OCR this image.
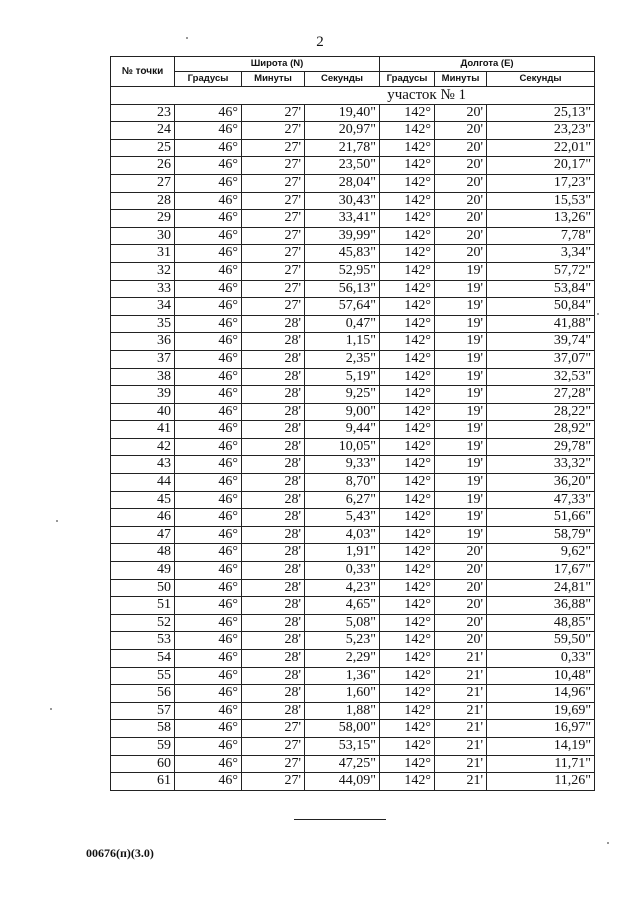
2
№ точки	Широта (N)			Долгота (E)		
	Градусы	Минуты	Секунды	Градусы	Минуты	Секунды
участок № 1						
23	46°	27'	19,40"	142°	20'	25,13"
24	46°	27'	20,97"	142°	20'	23,23"
25	46°	27'	21,78"	142°	20'	22,01"
26	46°	27'	23,50"	142°	20'	20,17"
27	46°	27'	28,04"	142°	20'	17,23"
28	46°	27'	30,43"	142°	20'	15,53"
29	46°	27'	33,41"	142°	20'	13,26"
30	46°	27'	39,99"	142°	20'	7,78"
31	46°	27'	45,83"	142°	20'	3,34"
32	46°	27'	52,95"	142°	19'	57,72"
33	46°	27'	56,13"	142°	19'	53,84"
34	46°	27'	57,64"	142°	19'	50,84"
35	46°	28'	0,47"	142°	19'	41,88"
36	46°	28'	1,15"	142°	19'	39,74"
37	46°	28'	2,35"	142°	19'	37,07"
38	46°	28'	5,19"	142°	19'	32,53"
39	46°	28'	9,25"	142°	19'	27,28"
40	46°	28'	9,00"	142°	19'	28,22"
41	46°	28'	9,44"	142°	19'	28,92"
42	46°	28'	10,05"	142°	19'	29,78"
43	46°	28'	9,33"	142°	19'	33,32"
44	46°	28'	8,70"	142°	19'	36,20"
45	46°	28'	6,27"	142°	19'	47,33"
46	46°	28'	5,43"	142°	19'	51,66"
47	46°	28'	4,03"	142°	19'	58,79"
48	46°	28'	1,91"	142°	20'	9,62"
49	46°	28'	0,33"	142°	20'	17,67"
50	46°	28'	4,23"	142°	20'	24,81"
51	46°	28'	4,65"	142°	20'	36,88"
52	46°	28'	5,08"	142°	20'	48,85"
53	46°	28'	5,23"	142°	20'	59,50"
54	46°	28'	2,29"	142°	21'	0,33"
55	46°	28'	1,36"	142°	21'	10,48"
56	46°	28'	1,60"	142°	21'	14,96"
57	46°	28'	1,88"	142°	21'	19,69"
58	46°	27'	58,00"	142°	21'	16,97"
59	46°	27'	53,15"	142°	21'	14,19"
60	46°	27'	47,25"	142°	21'	11,71"
61	46°	27'	44,09"	142°	21'	11,26"
00676(п)(3.0)
